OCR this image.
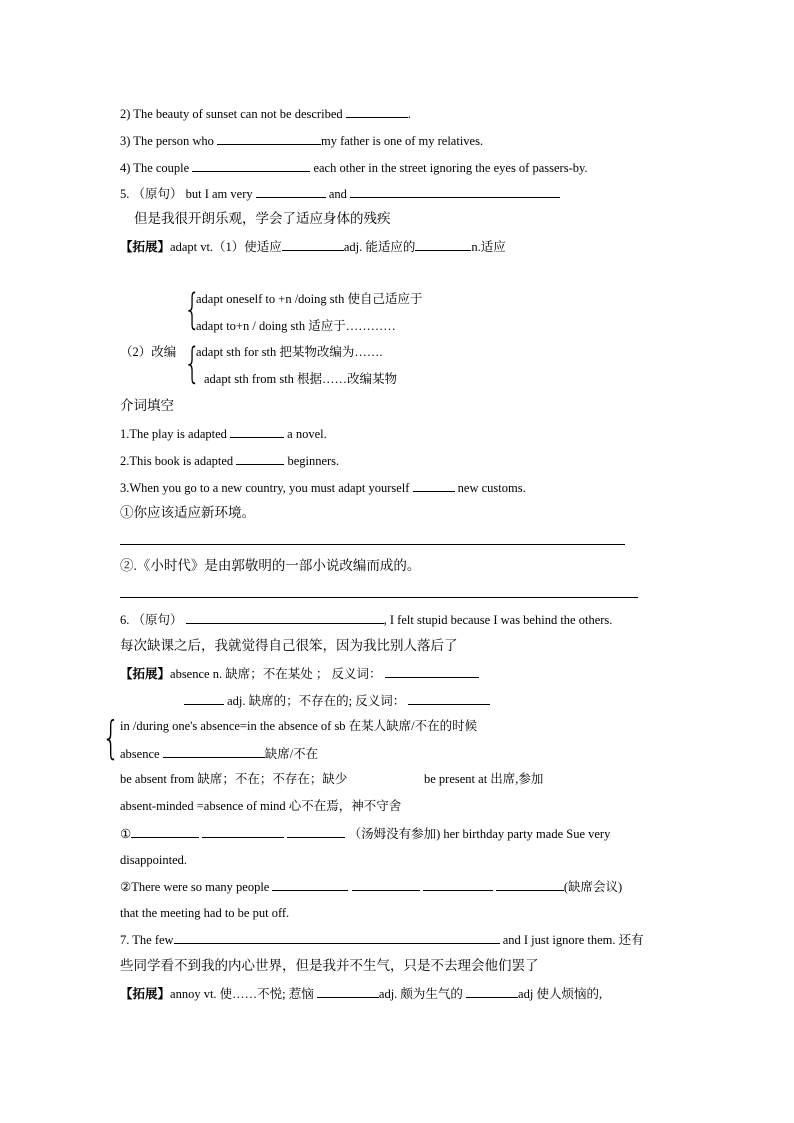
2) The beauty of sunset can not be described	.
3) The person who	my father is one of my relatives.
4) The couple	each other in the street ignoring the eyes of passers-by.
5. （原句） but I am very	and
但是我很开朗乐观，学会了适应身体的残疾
【拓展】adapt vt.（1）使适应	adj. 能适应的	n.适应
{
adapt oneself to +n /doing sth 使自己适应于
adapt to+n / doing sth 适应于…………
（2）改编 {
adapt sth for sth 把某物改编为…….
adapt sth from sth 根据……改编某物
介词填空
1.The play is adapted	a novel.
2.This book is adapted	beginners.
3.When you go to a new country, you must adapt yourself	new customs.
①你应该适应新环境。
②.《小时代》是由郭敬明的一部小说改编而成的。
6. （原句）	, I felt stupid because I was behind the others.
每次缺课之后，我就觉得自己很笨，因为我比别人落后了
【拓展】absence n. 缺席；不在某处 ； 反义词：
adj. 缺席的；不存在的; 反义词：
{ in /during one's absence=in the absence of sb 在某人缺席/不在的时候
absence	缺席/不在
be absent from 缺席；不在；不存在；缺少	be present at 出席,参加
absent-minded =absence of mind 心不在焉，神不守舍
①	（汤姆没有参加) her birthday party made Sue very
disappointed.
②There were so many people	(缺席会议)
that the meeting had to be put off.
7. The few	and I just ignore them. 还有
些同学看不到我的内心世界，但是我并不生气，只是不去理会他们罢了
【拓展】annoy vt. 使……不悦; 惹恼	adj. 颇为生气的	adj 使人烦恼的,
